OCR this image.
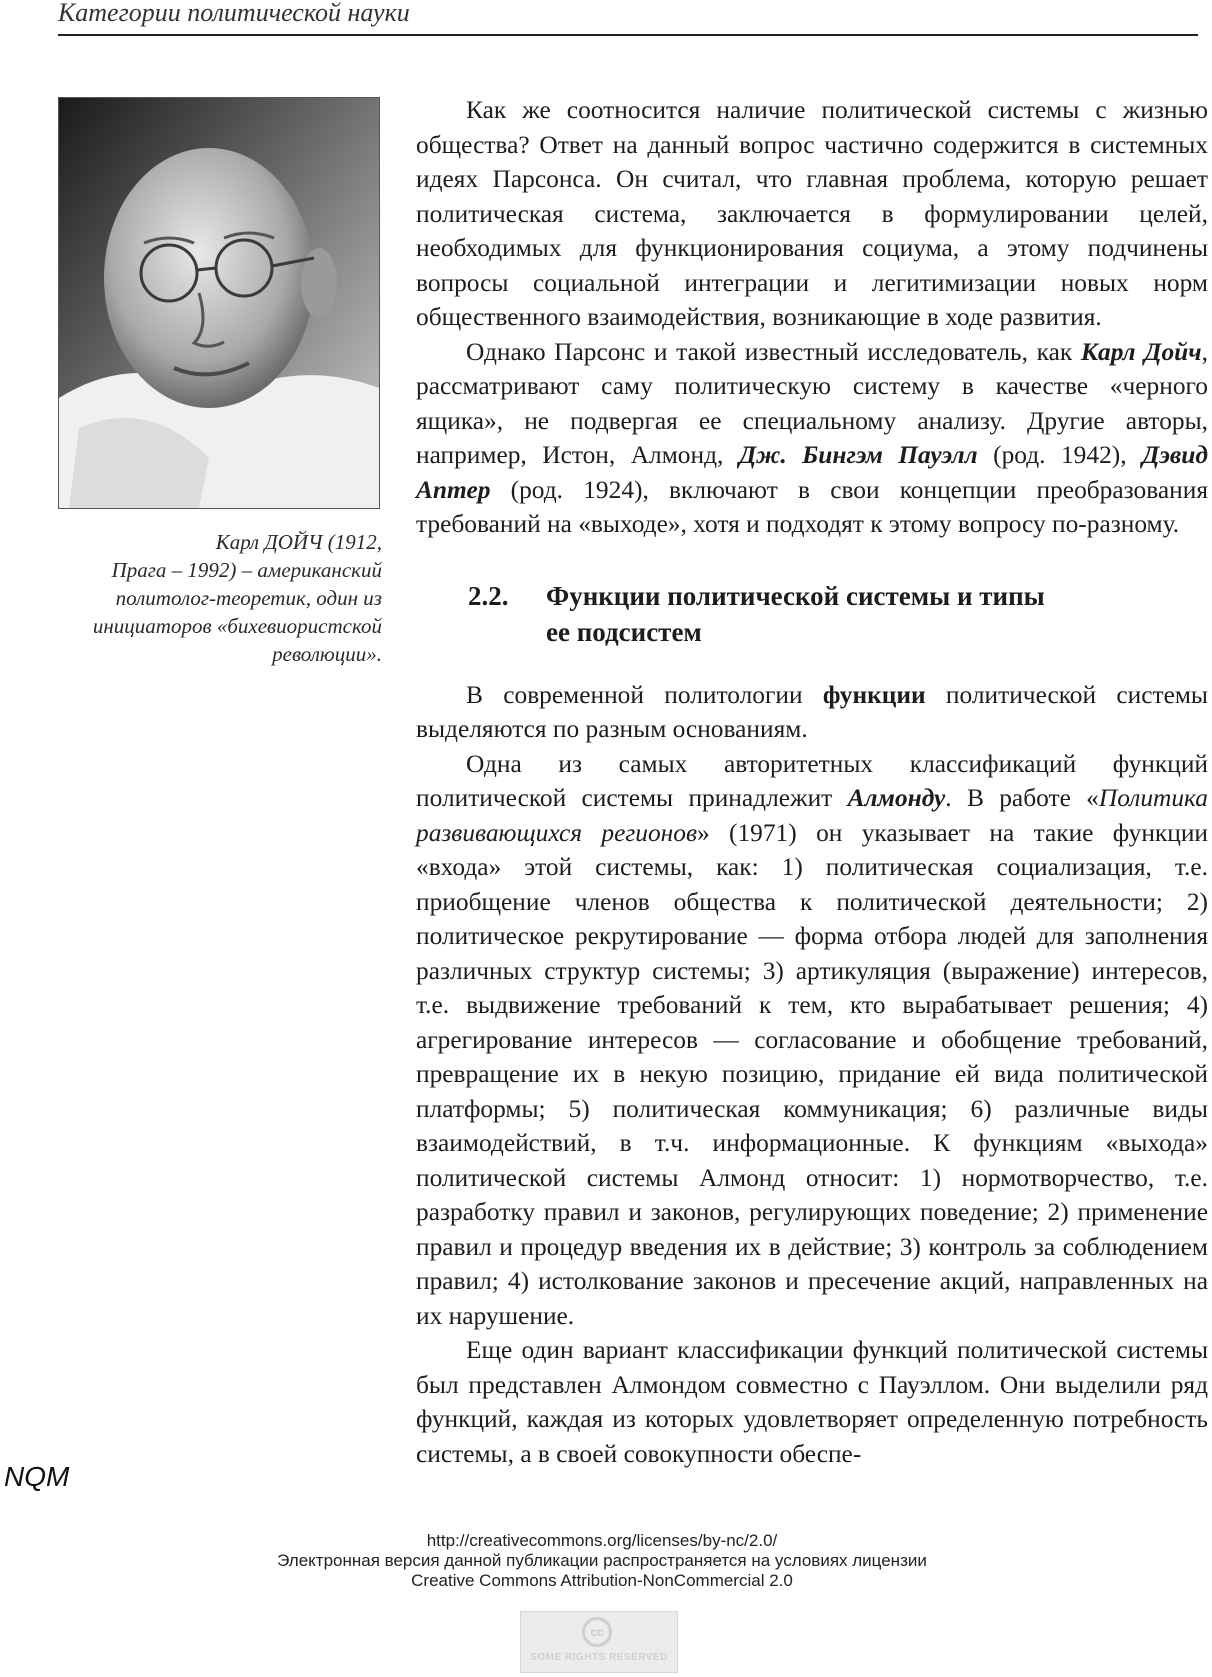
Категории политической науки
Карл ДОЙЧ (1912,
Прага – 1992) – американский
политолог-теоретик, один из
инициаторов «бихевиористской
революции».

Как же соотносится наличие политической системы с жизнью общества? Ответ на данный вопрос частично содержится в системных идеях Парсонса. Он считал, что главная проблема, которую решает политическая система, заключается в формулировании целей, необходимых для функционирования социума, а этому подчинены вопросы социальной интеграции и легитимизации новых норм общественного взаимодействия, возникающие в ходе развития.

Однако Парсонс и такой известный исследователь, как Карл Дойч, рассматривают саму политическую систему в качестве «черного ящика», не подвергая ее специальному анализу. Другие авторы, например, Истон, Алмонд, Дж. Бингэм Пауэлл (род. 1942), Дэвид Аптер (род. 1924), включают в свои концепции преобразования требований на «выходе», хотя и подходят к этому вопросу по-разному.

2.2.	Функции политической системы и типы
ее подсистем

В современной политологии функции политической системы выделяются по разным основаниям.

Одна из самых авторитетных классификаций функций политической системы принадлежит Алмонду. В работе «Политика развивающихся регионов» (1971) он указывает на такие функции «входа» этой системы, как: 1) политическая социализация, т.е. приобщение членов общества к политической деятельности; 2) политическое рекрутирование — форма отбора людей для заполнения различных структур системы; 3) артикуляция (выражение) интересов, т.е. выдвижение требований к тем, кто вырабатывает решения; 4) агрегирование интересов — согласование и обобщение требований, превращение их в некую позицию, придание ей вида политической платформы; 5) политическая коммуникация; 6) различные виды взаимодействий, в т.ч. информационные. К функциям «выхода» политической системы Алмонд относит: 1) нормотворчество, т.е. разработку правил и законов, регулирующих поведение; 2) применение правил и процедур введения их в действие; 3) контроль за соблюдением правил; 4) истолкование законов и пресечение акций, направленных на их нарушение.

Еще один вариант классификации функций политической системы был представлен Алмондом совместно с Пауэллом. Они выделили ряд функций, каждая из которых удовлетворяет определенную потребность системы, а в своей совокупности обеспе-

NQM
http://creativecommons.org/licenses/by-nc/2.0/
Электронная версия данной публикации распространяется на условиях лицензии
Creative Commons Attribution-NonCommercial 2.0
cc
SOME RIGHTS RESERVED
